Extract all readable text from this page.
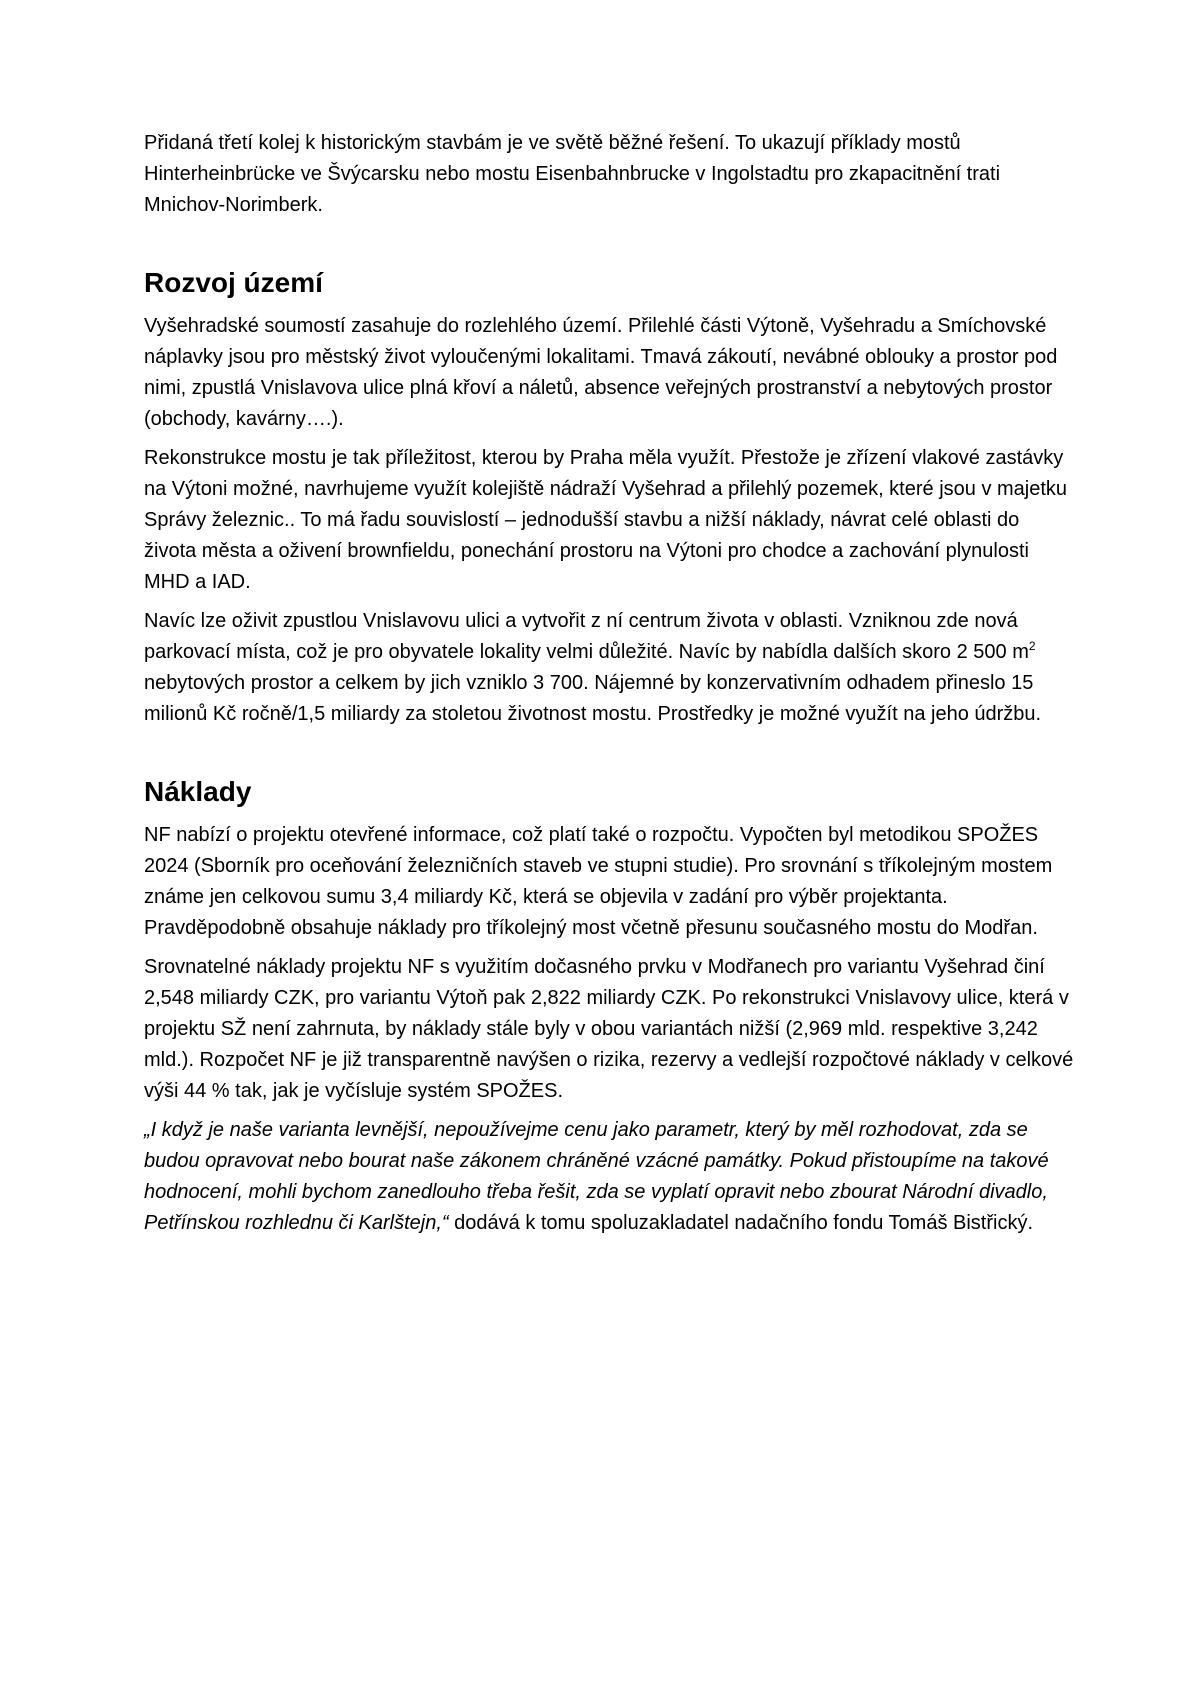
Přidaná třetí kolej k historickým stavbám je ve světě běžné řešení. To ukazují příklady mostů Hinterheinbrücke ve Švýcarsku nebo mostu Eisenbahnbrucke v Ingolstadtu pro zkapacitnění trati Mnichov-Norimberk.

Rozvoj území

Vyšehradské soumostí zasahuje do rozlehlého území. Přilehlé části Výtoně, Vyšehradu a Smíchovské náplavky jsou pro městský život vyloučenými lokalitami. Tmavá zákoutí, nevábné oblouky a prostor pod nimi, zpustlá Vnislavova ulice plná křoví a náletů, absence veřejných prostranství a nebytových prostor (obchody, kavárny….).

Rekonstrukce mostu je tak příležitost, kterou by Praha měla využít. Přestože je zřízení vlakové zastávky na Výtoni možné, navrhujeme využít kolejiště nádraží Vyšehrad a přilehlý pozemek, které jsou v majetku Správy železnic.. To má řadu souvislostí – jednodušší stavbu a nižší náklady, návrat celé oblasti do života města a oživení brownfieldu, ponechání prostoru na Výtoni pro chodce a zachování plynulosti MHD a IAD.

Navíc lze oživit zpustlou Vnislavovu ulici a vytvořit z ní centrum života v oblasti. Vzniknou zde nová parkovací místa, což je pro obyvatele lokality velmi důležité. Navíc by nabídla dalších skoro 2 500 $m^2$ nebytových prostor a celkem by jich vzniklo 3 700. Nájemné by konzervativním odhadem přineslo 15 milionů Kč ročně/1,5 miliardy za stoletou životnost mostu. Prostředky je možné využít na jeho údržbu.

Náklady

NF nabízí o projektu otevřené informace, což platí také o rozpočtu. Vypočten byl metodikou SPOŽES 2024 (Sborník pro oceňování železničních staveb ve stupni studie). Pro srovnání s tříkolejným mostem známe jen celkovou sumu 3,4 miliardy Kč, která se objevila v zadání pro výběr projektanta. Pravděpodobně obsahuje náklady pro tříkolejný most včetně přesunu současného mostu do Modřan.

Srovnatelné náklady projektu NF s využitím dočasného prvku v Modřanech pro variantu Vyšehrad činí 2,548 miliardy CZK, pro variantu Výtoň pak 2,822 miliardy CZK. Po rekonstrukci Vnislavovy ulice, která v projektu SŽ není zahrnuta, by náklady stále byly v obou variantách nižší (2,969 mld. respektive 3,242 mld.). Rozpočet NF je již transparentně navýšen o rizika, rezervy a vedlejší rozpočtové náklady v celkové výši 44 % tak, jak je vyčísluje systém SPOŽES.

„I když je naše varianta levnější, nepoužívejme cenu jako parametr, který by měl rozhodovat, zda se budou opravovat nebo bourat naše zákonem chráněné vzácné památky. Pokud přistoupíme na takové hodnocení, mohli bychom zanedlouho třeba řešit, zda se vyplatí opravit nebo zbourat Národní divadlo, Petřínskou rozhlednu či Karlštejn,“ dodává k tomu spoluzakladatel nadačního fondu Tomáš Bistřický.
